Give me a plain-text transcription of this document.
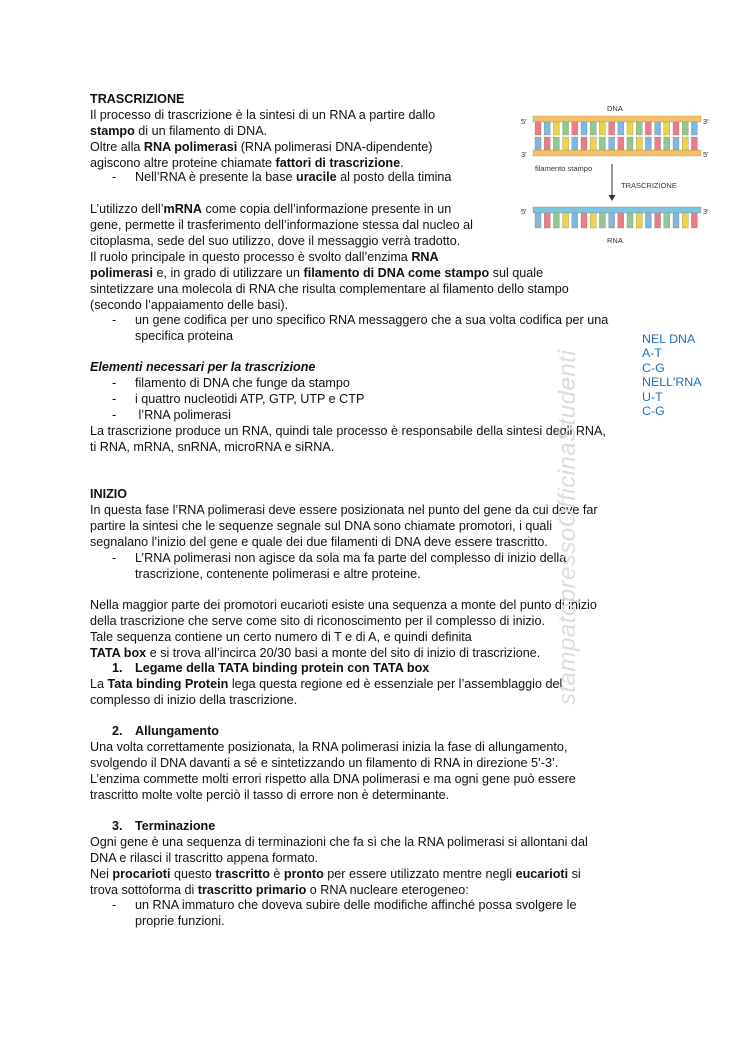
TRASCRIZIONE
Il processo di trascrizione è la sintesi di un RNA a partire dallo
stampo di un filamento di DNA.
Oltre alla RNA polimerasi (RNA polimerasi DNA-dipendente)
agiscono altre proteine chiamate fattori di trascrizione.
- Nell’RNA è presente la base uracile al posto della timina
L’utilizzo dell’mRNA come copia dell’informazione presente in un
gene, permette il trasferimento dell’informazione stessa dal nucleo al
citoplasma, sede del suo utilizzo, dove il messaggio verrà tradotto.
Il ruolo principale in questo processo è svolto dall’enzima RNA
polimerasi e, in grado di utilizzare un filamento di DNA come stampo sul quale
sintetizzare una molecola di RNA che risulta complementare al filamento dello stampo
(secondo l’appaiamento delle basi).
- un gene codifica per uno specifico RNA messaggero che a sua volta codifica per una
specifica proteina
Elementi necessari per la trascrizione
- filamento di DNA che funge da stampo
- i quattro nucleotidi ATP, GTP, UTP e CTP
- l’RNA polimerasi
La trascrizione produce un RNA, quindi tale processo è responsabile della sintesi degli RNA,
ti RNA, mRNA, snRNA, microRNA e siRNA.
INIZIO
In questa fase l’RNA polimerasi deve essere posizionata nel punto del gene da cui deve far
partire la sintesi che le sequenze segnale sul DNA sono chiamate promotori, i quali
segnalano l’inizio del gene e quale dei due filamenti di DNA deve essere trascritto.
- L’RNA polimerasi non agisce da sola ma fa parte del complesso di inizio della
trascrizione, contenente polimerasi e altre proteine.
Nella maggior parte dei promotori eucarioti esiste una sequenza a monte del punto di inizio
della trascrizione che serve come sito di riconoscimento per il complesso di inizio.
Tale sequenza contiene un certo numero di T e di A, e quindi definita
TATA box e si trova all’incirca 20/30 basi a monte del sito di inizio di trascrizione.
1. Legame della TATA binding protein con TATA box
La Tata binding Protein lega questa regione ed è essenziale per l’assemblaggio del
complesso di inizio della trascrizione.
2. Allungamento
Una volta correttamente posizionata, la RNA polimerasi inizia la fase di allungamento,
svolgendo il DNA davanti a sé e sintetizzando un filamento di RNA in direzione 5’-3’.
L’enzima commette molti errori rispetto alla DNA polimerasi e ma ogni gene può essere
trascritto molte volte perciò il tasso di errore non è determinante.
3. Terminazione
Ogni gene è una sequenza di terminazioni che fa sì che la RNA polimerasi si allontani dal
DNA e rilasci il trascritto appena formato.
Nei procarioti questo trascritto è pronto per essere utilizzato mentre negli eucarioti si
trova sottoforma di trascritto primario o RNA nucleare eterogeneo:
- un RNA immaturo che doveva subire delle modifiche affinché possa svolgere le
proprie funzioni.
NEL DNA
A-T
C-G
NELL'RNA
U-T
C-G
stampatopressoOfficinaStudenti
DNA
5′	3′
3′	5′
filamento stampo
TRASCRIZIONE
5′	3′
RNA
